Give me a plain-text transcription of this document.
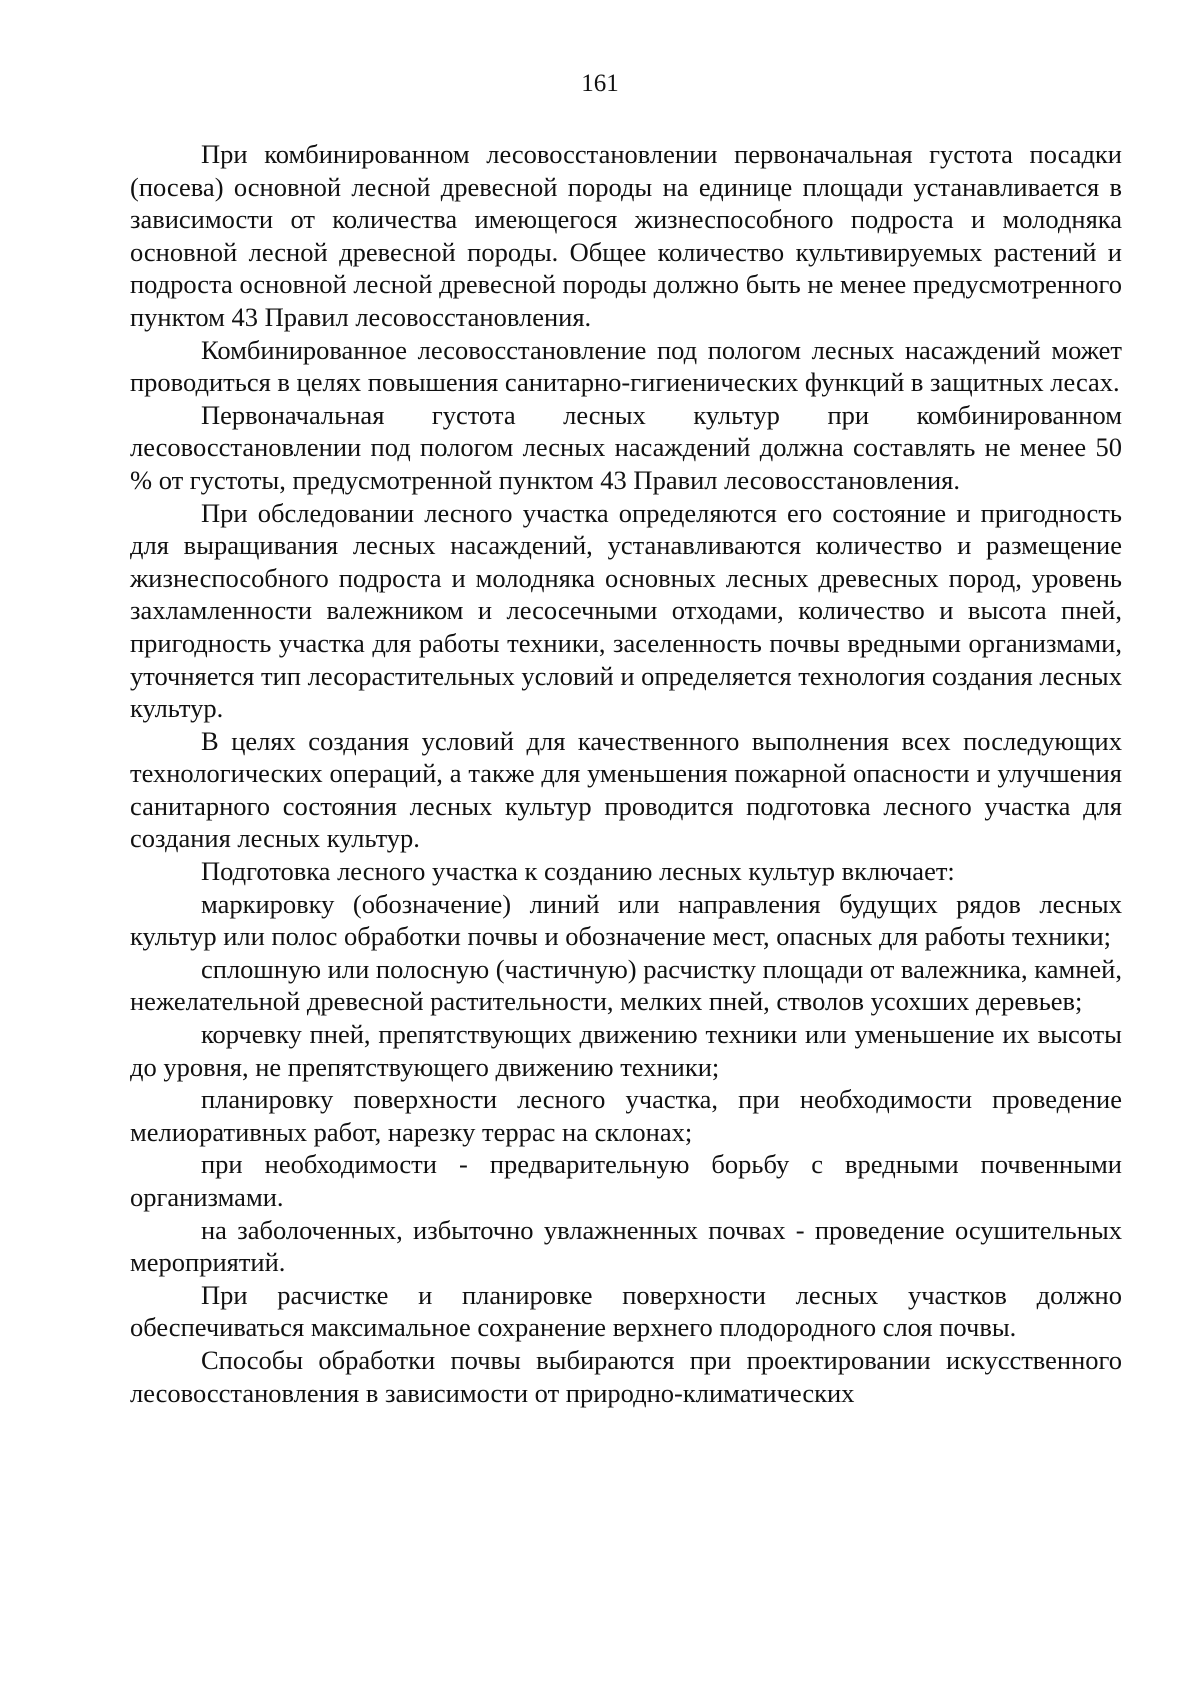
161

При комбинированном лесовосстановлении первоначальная густота посадки (посева) основной лесной древесной породы на единице площади устанавливается в зависимости от количества имеющегося жизнеспособного подроста и молодняка основной лесной древесной породы. Общее количество культивируемых растений и подроста основной лесной древесной породы должно быть не менее предусмотренного пунктом 43 Правил лесовосстановления.

Комбинированное лесовосстановление под пологом лесных насаждений может проводиться в целях повышения санитарно-гигиенических функций в защитных лесах.

Первоначальная густота лесных культур при комбинированном лесовосстановлении под пологом лесных насаждений должна составлять не менее 50 % от густоты, предусмотренной пунктом 43 Правил лесовосстановления.

При обследовании лесного участка определяются его состояние и пригодность для выращивания лесных насаждений, устанавливаются количество и размещение жизнеспособного подроста и молодняка основных лесных древесных пород, уровень захламленности валежником и лесосечными отходами, количество и высота пней, пригодность участка для работы техники, заселенность почвы вредными организмами, уточняется тип лесорастительных условий и определяется технология создания лесных культур.

В целях создания условий для качественного выполнения всех последующих технологических операций, а также для уменьшения пожарной опасности и улучшения санитарного состояния лесных культур проводится подготовка лесного участка для создания лесных культур.

Подготовка лесного участка к созданию лесных культур включает:

маркировку (обозначение) линий или направления будущих рядов лесных культур или полос обработки почвы и обозначение мест, опасных для работы техники;

сплошную или полосную (частичную) расчистку площади от валежника, камней, нежелательной древесной растительности, мелких пней, стволов усохших деревьев;

корчевку пней, препятствующих движению техники или уменьшение их высоты до уровня, не препятствующего движению техники;

планировку поверхности лесного участка, при необходимости проведение мелиоративных работ, нарезку террас на склонах;

при необходимости - предварительную борьбу с вредными почвенными организмами.

на заболоченных, избыточно увлажненных почвах - проведение осушительных мероприятий.

При расчистке и планировке поверхности лесных участков должно обеспечиваться максимальное сохранение верхнего плодородного слоя почвы.

Способы обработки почвы выбираются при проектировании искусственного лесовосстановления в зависимости от природно-климатических
